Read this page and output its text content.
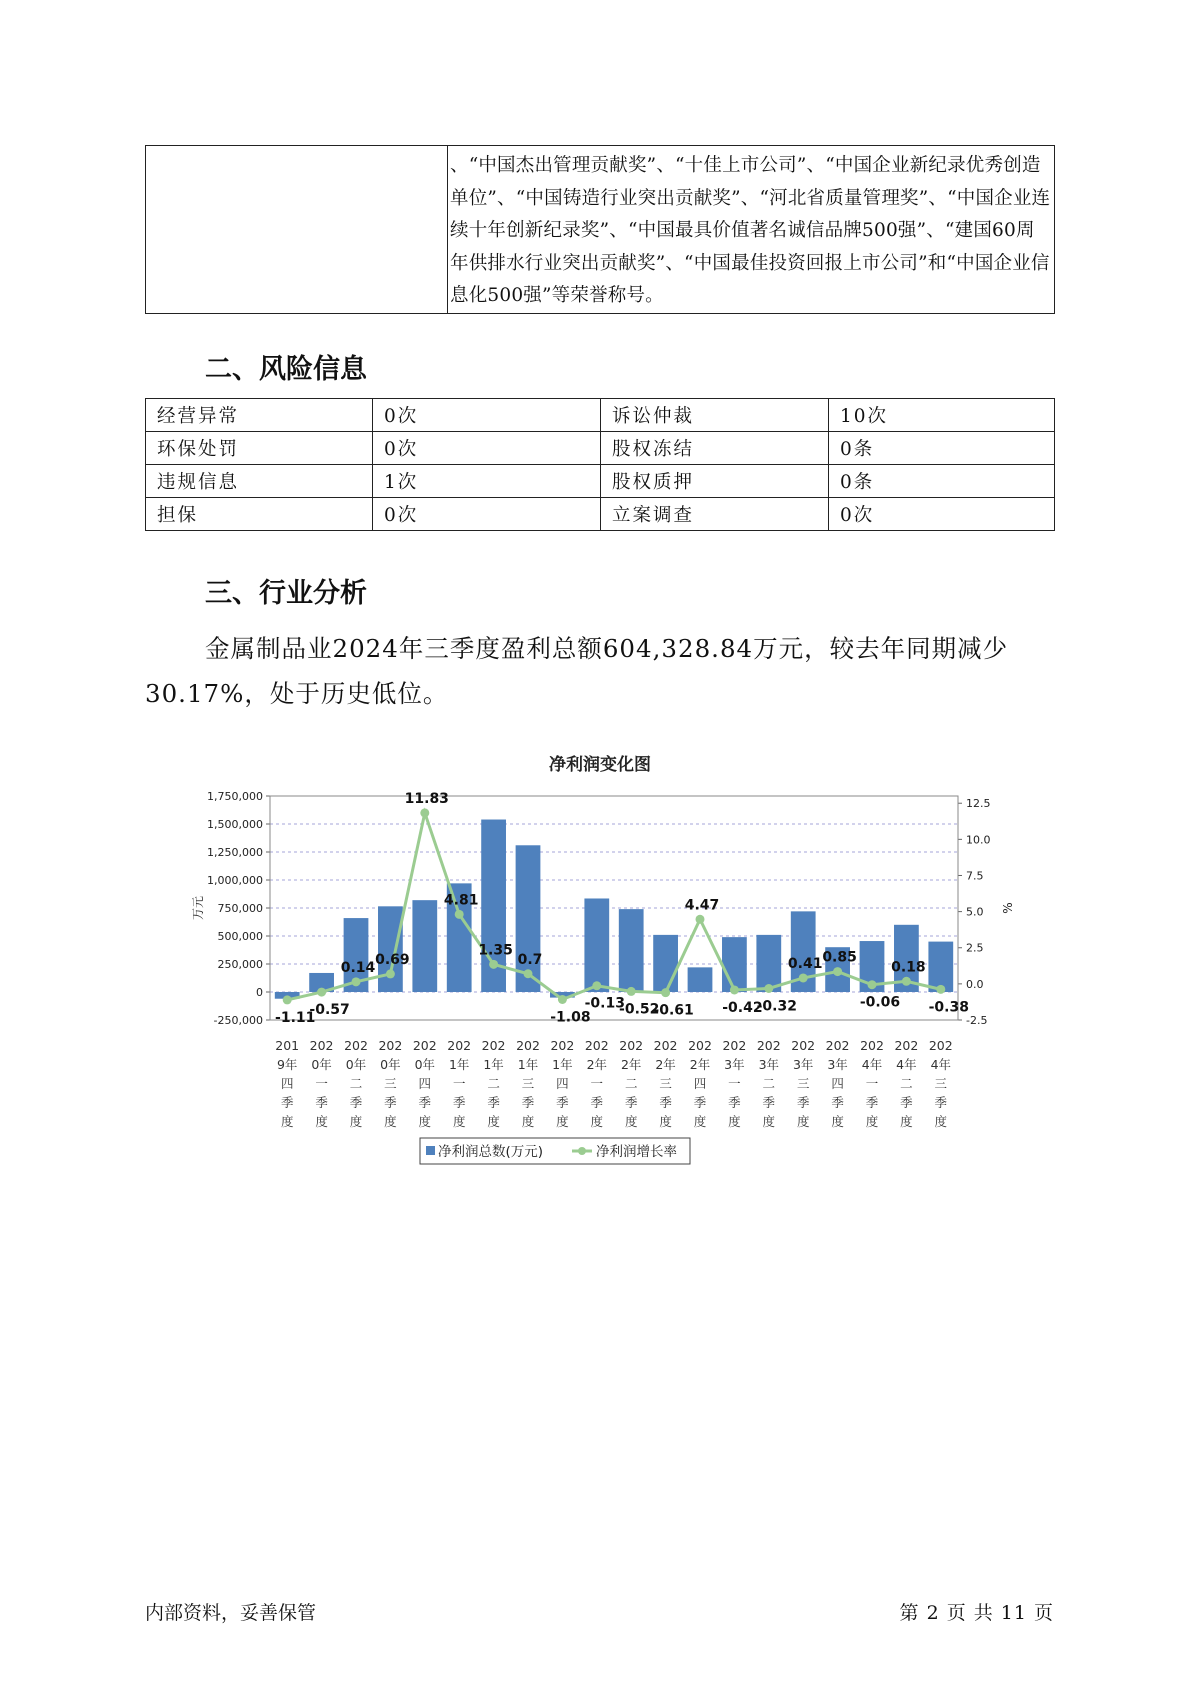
、“中国杰出管理贡献奖”、“十佳上市公司”、“中国企业新纪录优秀创造单位”、“中国铸造行业突出贡献奖”、“河北省质量管理奖”、“中国企业连续十年创新纪录奖”、“中国最具价值著名诚信品牌500强”、“建国60周年供排水行业突出贡献奖”、“中国最佳投资回报上市公司”和“中国企业信息化500强”等荣誉称号。
二、风险信息
经营异常	0次	诉讼仲裁	10次
环保处罚	0次	股权冻结	0条
违规信息	1次	股权质押	0条
担保	0次	立案调查	0次
三、行业分析

金属制品业2024年三季度盈利总额604,328.84万元，较去年同期减少30.17%，处于历史低位。

净利润变化图
1,750,000
1,500,000
1,250,000
1,000,000
750,000
500,000
250,000
0
-250,000
12.5
10.0
7.5
5.0
2.5
0.0
-2.5
万元	%
-1.11
-0.57
0.14 0.69
11.83
4.81
1.35
0.7
-1.08
-0.13
-0.52
-0.61
4.47
-0.42
-0.32
0.41 0.85
-0.06
0.18
-0.38
201 9年四季度
202 0年一季度
202 0年二季度
202 0年三季度
202 0年四季度
202 1年一季度
202 1年二季度
202 1年三季度
202 1年四季度
202 2年一季度
202 2年二季度
202 2年三季度
202 2年四季度
202 3年一季度
202 3年二季度
202 3年三季度
202 3年四季度
202 4年一季度
202 4年二季度
202 4年三季度
净利润总数(万元)	净利润增长率

内部资料，妥善保管	第 2 页 共 11 页
